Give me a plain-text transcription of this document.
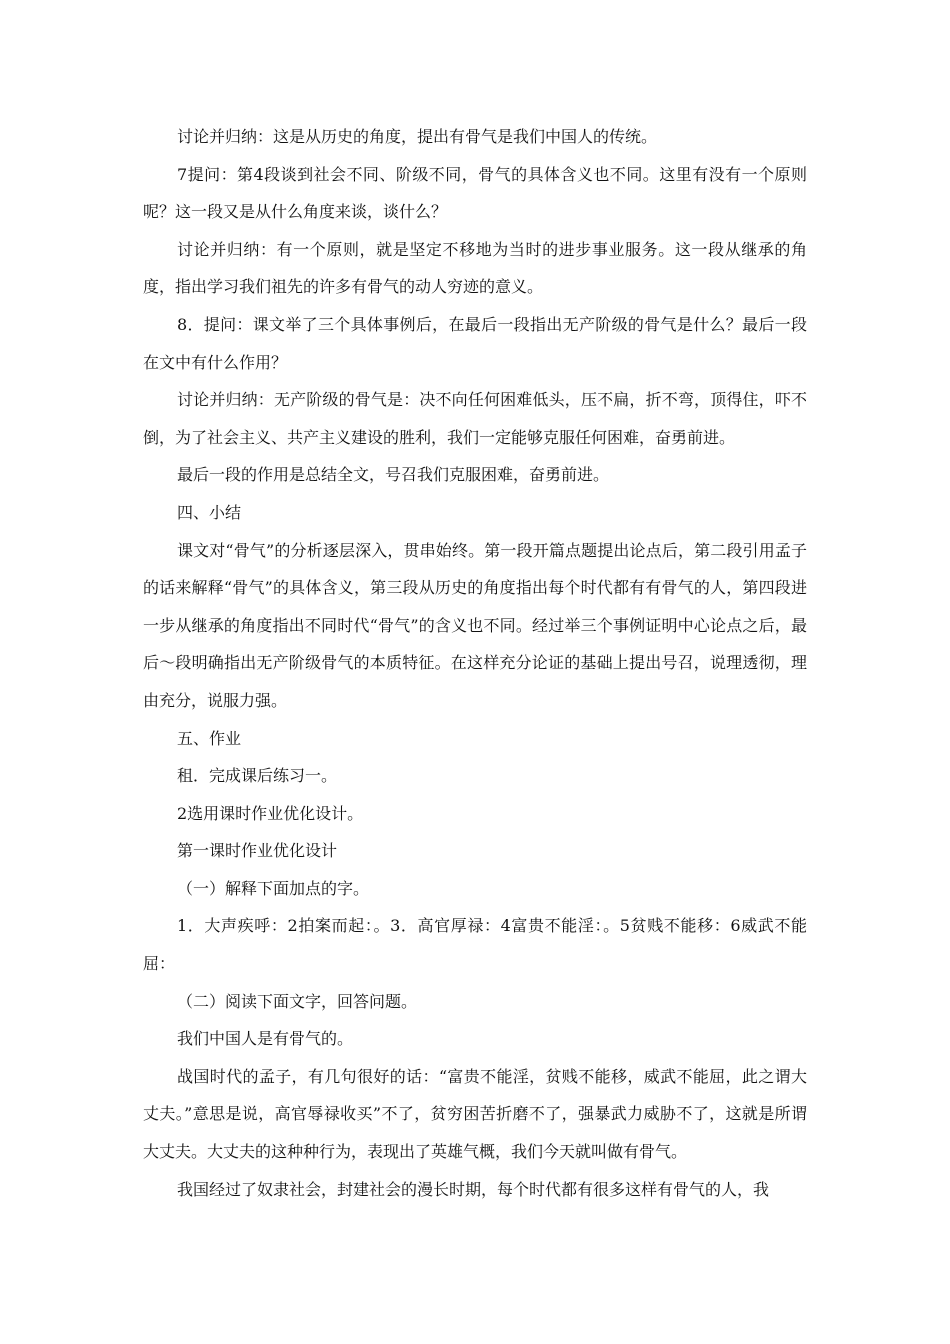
讨论并归纳：这是从历史的角度，提出有骨气是我们中国人的传统。

7提问：第4段谈到社会不同、阶级不同，骨气的具体含义也不同。这里有没有一个原则呢？这一段又是从什么角度来谈，谈什么？

讨论并归纳：有一个原则，就是坚定不移地为当时的进步事业服务。这一段从继承的角度，指出学习我们祖先的许多有骨气的动人穷迹的意义。

8．提问：课文举了三个具体事例后，在最后一段指出无产阶级的骨气是什么？最后一段在文中有什么作用？

讨论并归纳：无产阶级的骨气是：决不向任何困难低头，压不扁，折不弯，顶得住，吓不倒，为了社会主义、共产主义建设的胜利，我们一定能够克服任何困难，奋勇前进。

最后一段的作用是总结全文，号召我们克服困难，奋勇前进。

四、小结

课文对“骨气”的分析逐层深入，贯串始终。第一段开篇点题提出论点后，第二段引用孟子的话来解释“骨气”的具体含义，第三段从历史的角度指出每个时代都有有骨气的人，第四段进一步从继承的角度指出不同时代“骨气”的含义也不同。经过举三个事例证明中心论点之后，最后～段明确指出无产阶级骨气的本质特征。在这样充分论证的基础上提出号召，说理透彻，理由充分，说服力强。

五、作业

租．完成课后练习一。

2选用课时作业优化设计。

第一课时作业优化设计

（一）解释下面加点的字。

1．大声疾呼：2拍案而起：。3．高官厚禄：4富贵不能淫：。5贫贱不能移：6威武不能屈：

（二）阅读下面文字，回答问题。

我们中国人是有骨气的。

战国时代的孟子，有几句很好的话：“富贵不能淫，贫贱不能移，威武不能屈，此之谓大丈夫。”意思是说，高官辱禄收买”不了，贫穷困苦折磨不了，强暴武力威胁不了，这就是所谓大丈夫。大丈夫的这种种行为，表现出了英雄气概，我们今天就叫做有骨气。

我国经过了奴隶社会，封建社会的漫长时期，每个时代都有很多这样有骨气的人，我
